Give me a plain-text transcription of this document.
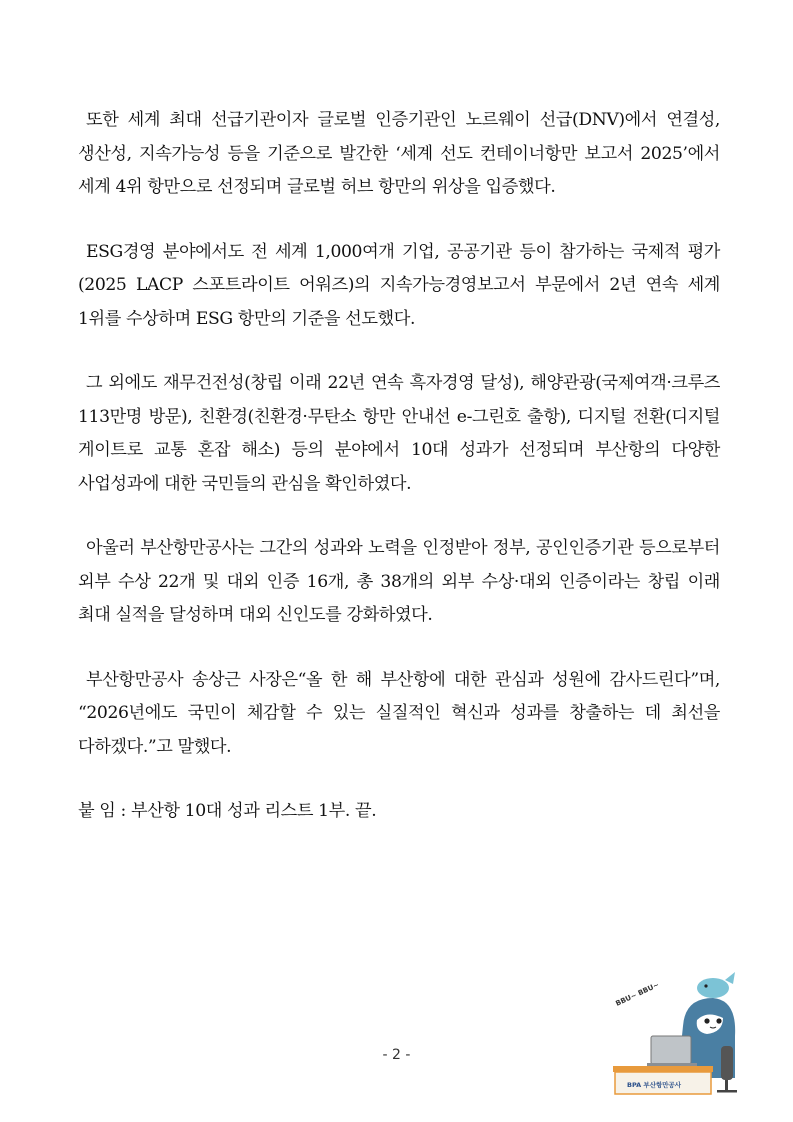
또한 세계 최대 선급기관이자 글로벌 인증기관인 노르웨이 선급(DNV)에서 연결성, 생산성, 지속가능성 등을 기준으로 발간한 ‘세계 선도 컨테이너항만 보고서 2025’에서 세계 4위 항만으로 선정되며 글로벌 허브 항만의 위상을 입증했다.

ESG경영 분야에서도 전 세계 1,000여개 기업, 공공기관 등이 참가하는 국제적 평가(2025 LACP 스포트라이트 어워즈)의 지속가능경영보고서 부문에서 2년 연속 세계 1위를 수상하며 ESG 항만의 기준을 선도했다.

그 외에도 재무건전성(창립 이래 22년 연속 흑자경영 달성), 해양관광(국제여객·크루즈 113만명 방문), 친환경(친환경·무탄소 항만 안내선 e-그린호 출항), 디지털 전환(디지털 게이트로 교통 혼잡 해소) 등의 분야에서 10대 성과가 선정되며 부산항의 다양한 사업성과에 대한 국민들의 관심을 확인하였다.

아울러 부산항만공사는 그간의 성과와 노력을 인정받아 정부, 공인인증기관 등으로부터 외부 수상 22개 및 대외 인증 16개, 총 38개의 외부 수상·대외 인증이라는 창립 이래 최대 실적을 달성하며 대외 신인도를 강화하였다.

부산항만공사 송상근 사장은“올 한 해 부산항에 대한 관심과 성원에 감사드린다”며, “2026년에도 국민이 체감할 수 있는 실질적인 혁신과 성과를 창출하는 데 최선을 다하겠다.”고 말했다.

붙 임 : 부산항 10대 성과 리스트 1부. 끝.

- 2 -
BBU~ BBU~
BPA 부산항만공사
